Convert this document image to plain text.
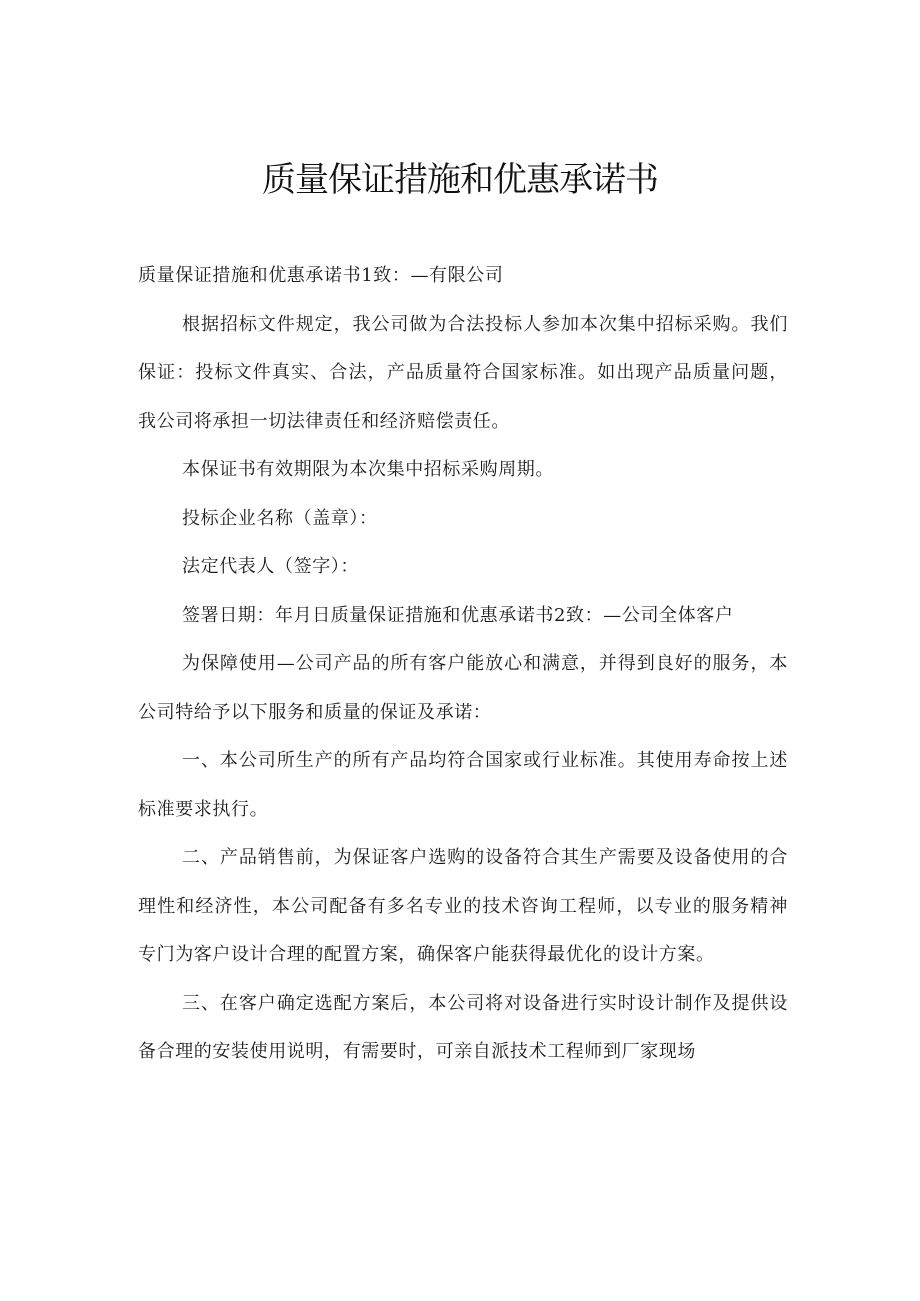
质量保证措施和优惠承诺书

质量保证措施和优惠承诺书1致：—有限公司

根据招标文件规定，我公司做为合法投标人参加本次集中招标采购。我们保证：投标文件真实、合法，产品质量符合国家标准。如出现产品质量问题，我公司将承担一切法律责任和经济赔偿责任。

本保证书有效期限为本次集中招标采购周期。

投标企业名称（盖章）：

法定代表人（签字）：

签署日期：年月日质量保证措施和优惠承诺书2致：—公司全体客户

为保障使用—公司产品的所有客户能放心和满意，并得到良好的服务，本公司特给予以下服务和质量的保证及承诺：

一、本公司所生产的所有产品均符合国家或行业标准。其使用寿命按上述标准要求执行。

二、产品销售前，为保证客户选购的设备符合其生产需要及设备使用的合理性和经济性，本公司配备有多名专业的技术咨询工程师，以专业的服务精神专门为客户设计合理的配置方案，确保客户能获得最优化的设计方案。

三、在客户确定选配方案后，本公司将对设备进行实时设计制作及提供设备合理的安装使用说明，有需要时，可亲自派技术工程师到厂家现场
